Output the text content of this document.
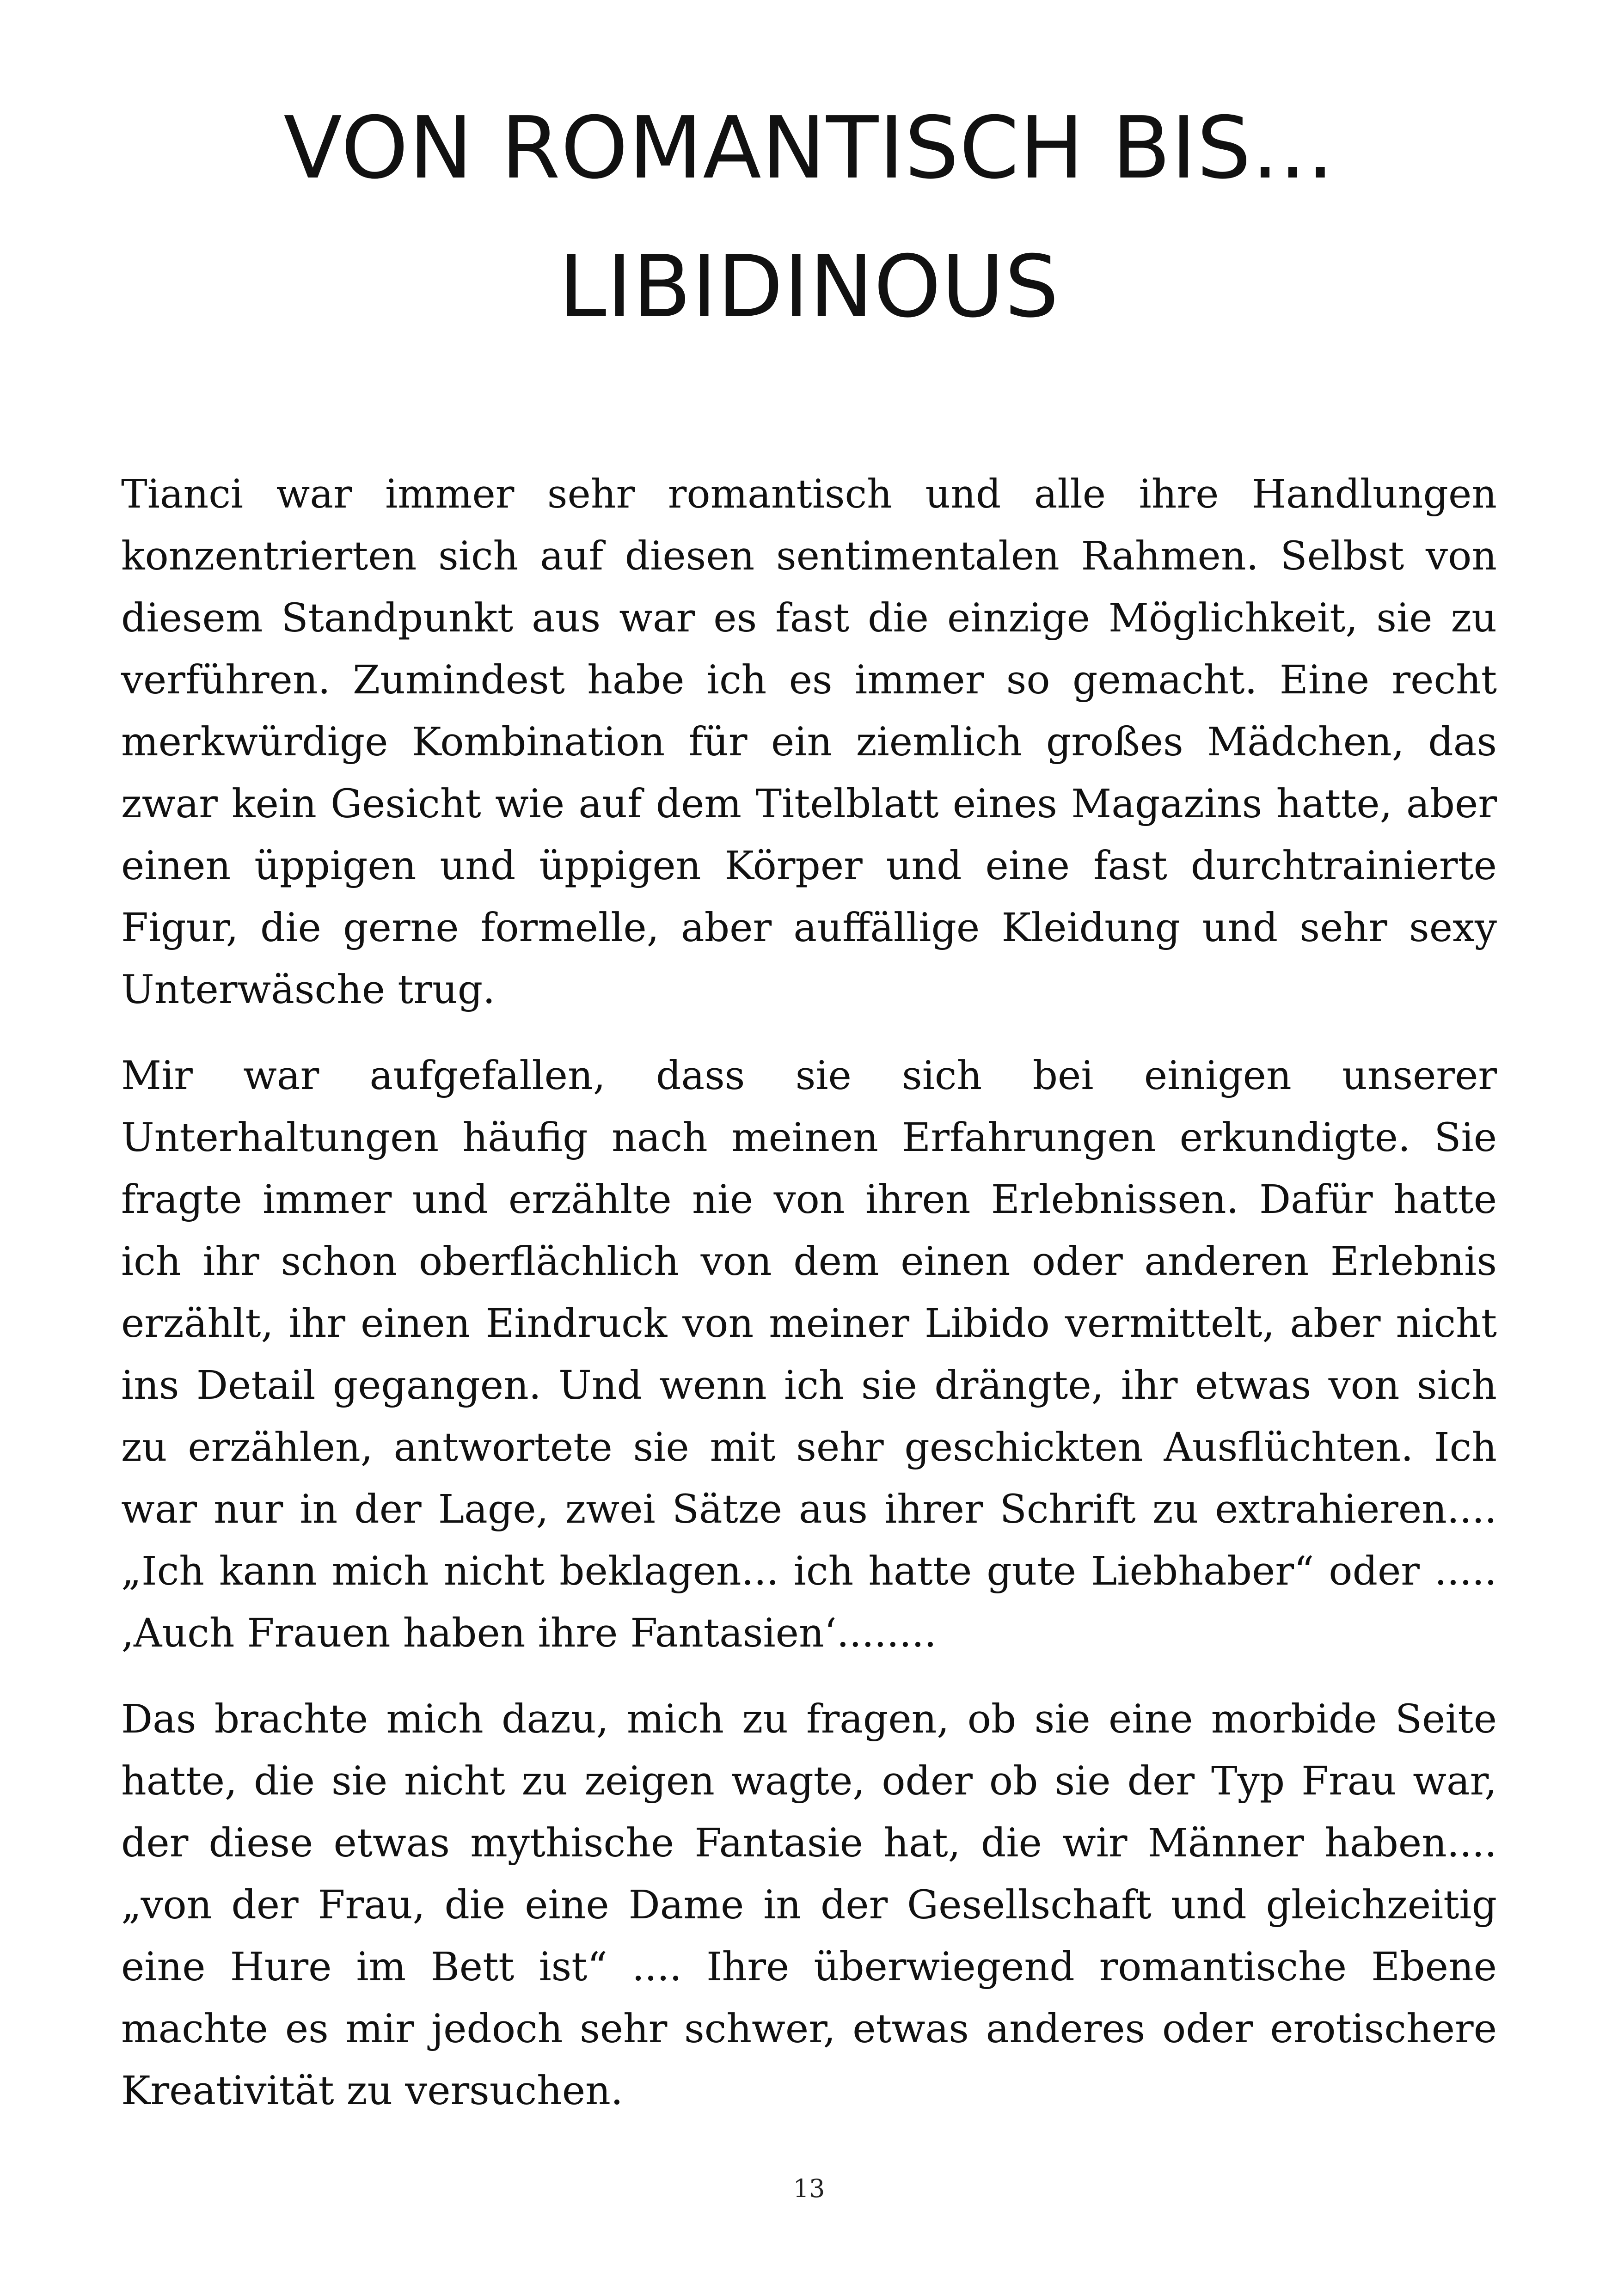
VON ROMANTISCH BIS...
LIBIDINOUS

Tianci war immer sehr romantisch und alle ihre Handlungen konzentrierten sich auf diesen sentimentalen Rahmen. Selbst von diesem Standpunkt aus war es fast die einzige Möglichkeit, sie zu verführen. Zumindest habe ich es immer so gemacht. Eine recht merkwürdige Kombination für ein ziemlich großes Mädchen, das zwar kein Gesicht wie auf dem Titelblatt eines Magazins hatte, aber einen üppigen und üppigen Körper und eine fast durchtrainierte Figur, die gerne formelle, aber auffällige Kleidung und sehr sexy Unterwäsche trug.

Mir war aufgefallen, dass sie sich bei einigen unserer Unterhaltungen häufig nach meinen Erfahrungen erkundigte. Sie fragte immer und erzählte nie von ihren Erlebnissen. Dafür hatte ich ihr schon oberflächlich von dem einen oder anderen Erlebnis erzählt, ihr einen Eindruck von meiner Libido vermittelt, aber nicht ins Detail gegangen. Und wenn ich sie drängte, ihr etwas von sich zu erzählen, antwortete sie mit sehr geschickten Ausflüchten. Ich war nur in der Lage, zwei Sätze aus ihrer Schrift zu extrahieren.... „Ich kann mich nicht beklagen... ich hatte gute Liebhaber“ oder ..... ‚Auch Frauen haben ihre Fantasien‘........

Das brachte mich dazu, mich zu fragen, ob sie eine morbide Seite hatte, die sie nicht zu zeigen wagte, oder ob sie der Typ Frau war, der diese etwas mythische Fantasie hat, die wir Männer haben.... „von der Frau, die eine Dame in der Gesellschaft und gleichzeitig eine Hure im Bett ist“ .... Ihre überwiegend romantische Ebene machte es mir jedoch sehr schwer, etwas anderes oder erotischere Kreativität zu versuchen.

13
